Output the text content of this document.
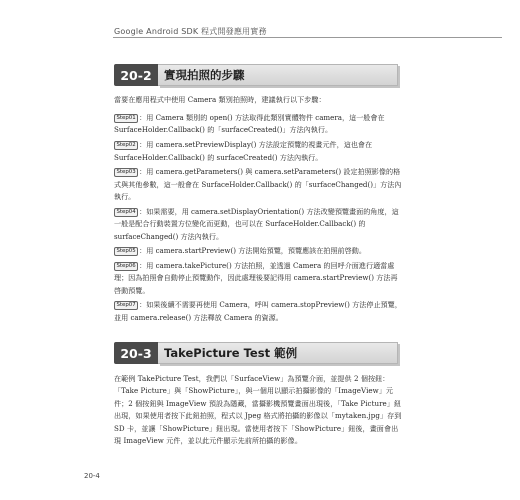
Google Android SDK 程式開發應用實務
20-2	實現拍照的步驟
當要在應用程式中使用 Camera 類別拍照時，建議執行以下步驟：

Step01 ：用 Camera 類別的 open() 方法取得此類別實體物件 camera，這一般會在 SurfaceHolder.Callback() 的「surfaceCreated()」方法內執行。

Step02 ：用 camera.setPreviewDisplay() 方法設定預覽的視畫元件，這也會在 SurfaceHolder.Callback() 的 surfaceCreated() 方法內執行。

Step03 ：用 camera.getParameters() 與 camera.setParameters() 設定拍照影像的格式與其他參數，這一般會在 SurfaceHolder.Callback() 的「surfaceChanged()」方法內執行。

Step04 ：如果需要，用 camera.setDisplayOrientation() 方法改變預覽畫面的角度，這一般是配合行動裝置方位變化而更動，也可以在 SurfaceHolder.Callback() 的 surfaceChanged() 方法內執行。

Step05 ：用 camera.startPreview() 方法開始預覽，預覽應該在拍照前啓動。

Step06 ：用 camera.takePicture() 方法拍照，並透過 Camera 的回呼介面進行適當處理；因為拍照會自動停止預覽動作，因此處理後要記得用 camera.startPreview() 方法再啓動預覽。

Step07 ：如果後續不需要再使用 Camera，呼叫 camera.stopPreview() 方法停止預覽，並用 camera.release() 方法釋放 Camera 的資源。

20-3	TakePicture Test 範例
在範例 TakePicture Test，我們以「SurfaceView」為預覽介面，並提供 2 個按鈕：「Take Picture」與「ShowPicture」，與一個用以顯示拍攝影像的「ImageView」元件；2 個按鈕與 ImageView 預設為隱藏，當攝影機預覽畫面出現後，「Take Picture」鈕出現，如果使用者按下此鈕拍照，程式以 Jpeg 格式將拍攝的影像以「mytaken.jpg」存到 SD 卡，並讓「ShowPicture」鈕出現。當使用者按下「ShowPicture」鈕後，畫面會出現 ImageView 元件，並以此元件顯示先前所拍攝的影像。
20-4
